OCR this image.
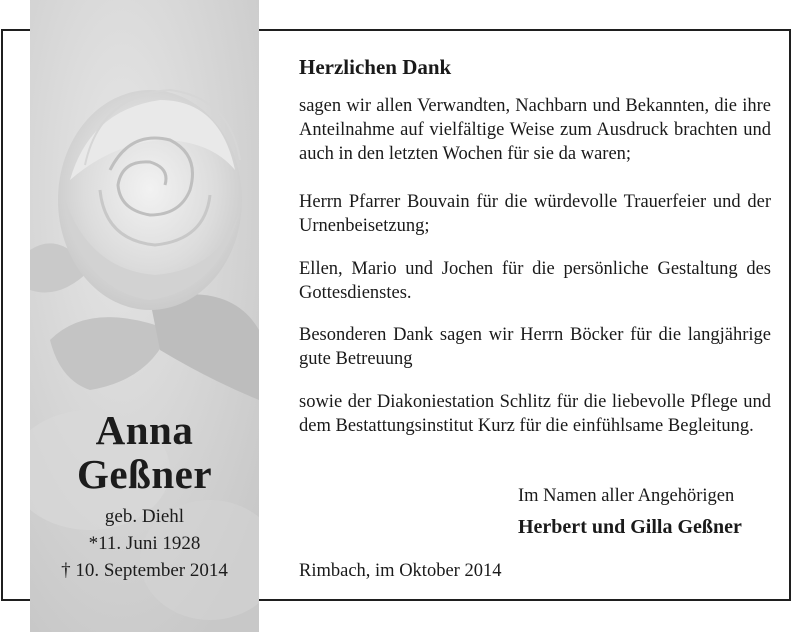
Anna
Geßner
geb. Diehl
*11. Juni 1928
† 10. September 2014
Herzlichen Dank

sagen wir allen Verwandten, Nachbarn und Bekannten, die ihre Anteilnahme auf vielfältige Weise zum Ausdruck brachten und auch in den letzten Wochen für sie da waren;

Herrn Pfarrer Bouvain für die würdevolle Trauerfeier und der Urnenbeisetzung;

Ellen, Mario und Jochen für die persönliche Gestaltung des Gottesdienstes.

Besonderen Dank sagen wir Herrn Böcker für die langjährige gute Betreuung

sowie der Diakoniestation Schlitz für die liebevolle Pflege und dem Bestattungsinstitut Kurz für die einfühlsame Begleitung.

Im Namen aller Angehörigen
Herbert und Gilla Geßner
Rimbach, im Oktober 2014
